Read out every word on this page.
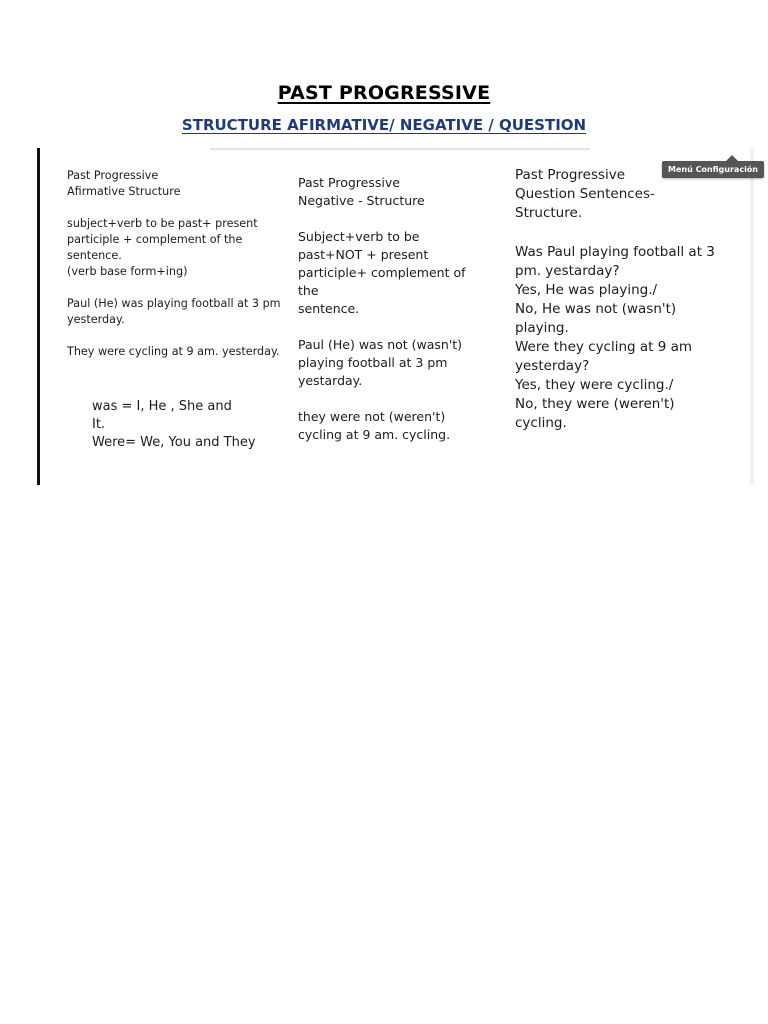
PAST PROGRESSIVE
STRUCTURE AFIRMATIVE/ NEGATIVE / QUESTION

Past Progressive

Afirmative Structure

subject+verb to be past+ present

participle + complement of the sentence.

(verb base form+ing)

Paul (He) was playing football at 3 pm

yesterday.

They were cycling at 9 am. yesterday.

was = I, He , She and

It.

Were= We, You and They

Past Progressive

Negative - Structure

Subject+verb to be

past+NOT + present

participle+ complement of the

sentence.

Paul (He) was not (wasn't)

playing football at 3 pm

yestarday.

they were not (weren't)

cycling at 9 am. cycling.

Past Progressive

Question Sentences-

Structure.

Was Paul playing football at 3

pm. yestarday?

Yes, He was playing./

No, He was not (wasn't)

playing.

Were they cycling at 9 am

yesterday?

Yes, they were cycling./

No, they were (weren't)

cycling.

Menú Configuración
